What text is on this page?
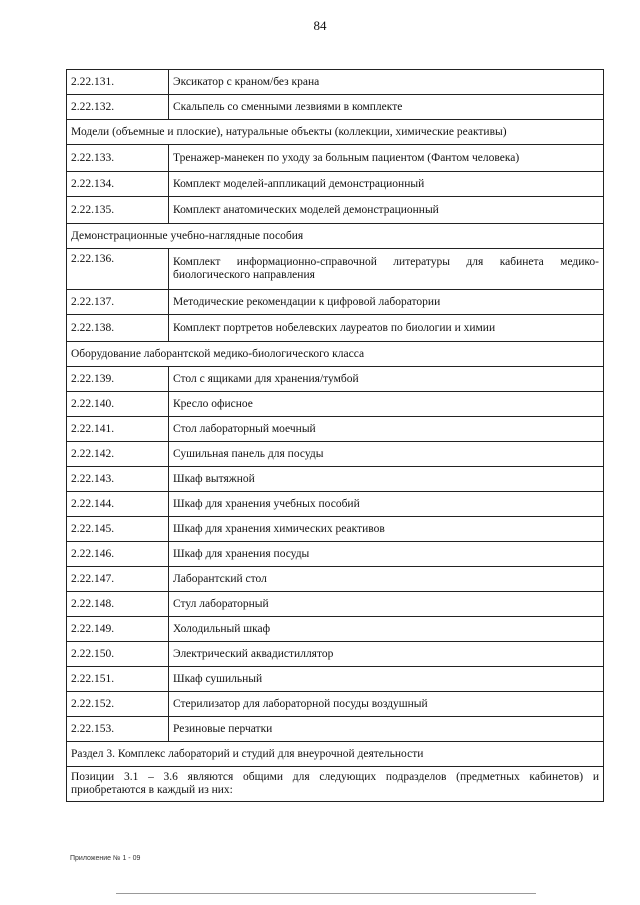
84
2.22.131.	Эксикатор с краном/без крана
2.22.132.	Скальпель со сменными лезвиями в комплекте
Модели (объемные и плоские), натуральные объекты (коллекции, химические реактивы)	
2.22.133.	Тренажер-манекен по уходу за больным пациентом (Фантом человека)
2.22.134.	Комплект моделей-аппликаций демонстрационный
2.22.135.	Комплект анатомических моделей демонстрационный
Демонстрационные учебно-наглядные пособия	
2.22.136.	Комплект информационно-справочной литературы для кабинета медико-биологического направления
2.22.137.	Методические рекомендации к цифровой лаборатории
2.22.138.	Комплект портретов нобелевских лауреатов по биологии и химии
Оборудование лаборантской медико-биологического класса	
2.22.139.	Стол с ящиками для хранения/тумбой
2.22.140.	Кресло офисное
2.22.141.	Стол лабораторный моечный
2.22.142.	Сушильная панель для посуды
2.22.143.	Шкаф вытяжной
2.22.144.	Шкаф для хранения учебных пособий
2.22.145.	Шкаф для хранения химических реактивов
2.22.146.	Шкаф для хранения посуды
2.22.147.	Лаборантский стол
2.22.148.	Стул лабораторный
2.22.149.	Холодильный шкаф
2.22.150.	Электрический аквадистиллятор
2.22.151.	Шкаф сушильный
2.22.152.	Стерилизатор для лабораторной посуды воздушный
2.22.153.	Резиновые перчатки
Раздел 3. Комплекс лабораторий и студий для внеурочной деятельности	
Позиции 3.1 – 3.6 являются общими для следующих подразделов (предметных кабинетов) и приобретаются в каждый из них:	
Приложение № 1 - 09
